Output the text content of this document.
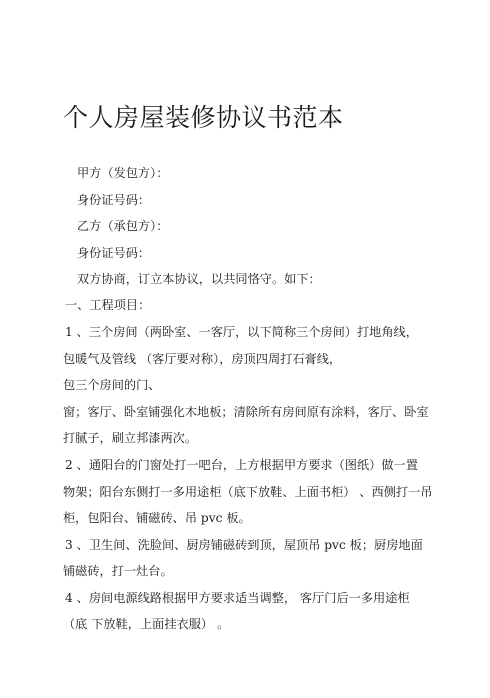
个人房屋装修协议书范本

甲方（发包方）：

身份证号码：

乙方（承包方）：

身份证号码：

双方协商，订立本协议，以共同恪守。如下：

一、工程项目：

1 、三个房间（两卧室、一客厅，以下简称三个房间）打地角线，

包暖气及管线 （客厅要对称），房顶四周打石膏线，

包三个房间的门、

窗；客厅、卧室铺强化木地板；清除所有房间原有涂料，客厅、卧室

打腻子，刷立邦漆两次。

2 、通阳台的门窗处打一吧台，上方根据甲方要求（图纸）做一置

物架；阳台东侧打一多用途柜（底下放鞋、上面书柜） 、西侧打一吊

柜，包阳台、铺磁砖、吊 pvc 板。

3 、卫生间、洗脸间、厨房铺磁砖到顶，屋顶吊 pvc 板；厨房地面

铺磁砖，打一灶台。

4 、房间电源线路根据甲方要求适当调整， 客厅门后一多用途柜

（底 下放鞋，上面挂衣服） 。
